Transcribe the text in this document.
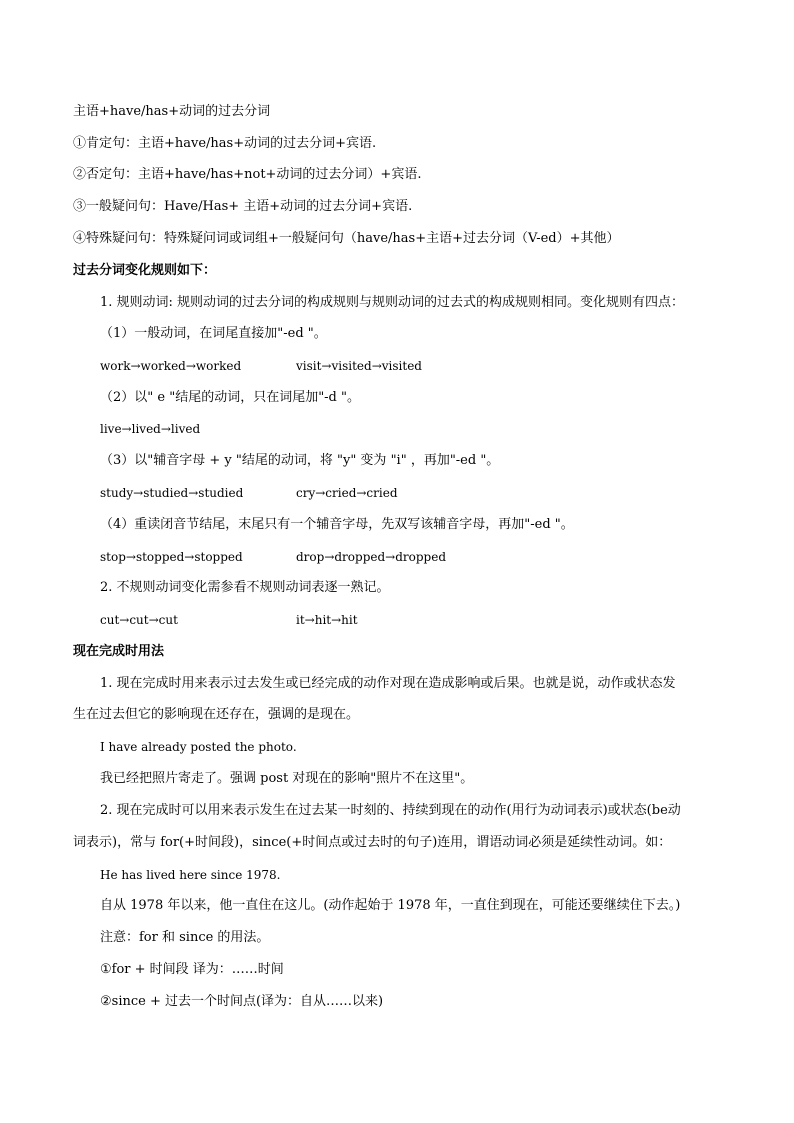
主语+have/has+动词的过去分词
①肯定句：主语+have/has+动词的过去分词+宾语.
②否定句：主语+have/has+not+动词的过去分词）+宾语.
③一般疑问句：Have/Has+ 主语+动词的过去分词+宾语.
④特殊疑问句：特殊疑问词或词组+一般疑问句（have/has+主语+过去分词（V-ed）+其他）
过去分词变化规则如下：
1. 规则动词: 规则动词的过去分词的构成规则与规则动词的过去式的构成规则相同。变化规则有四点：
（1）一般动词，在词尾直接加"-ed "。
work→worked→worked	visit→visited→visited
（2）以" e "结尾的动词，只在词尾加"-d "。
live→lived→lived
（3）以"辅音字母 + y "结尾的动词，将 "y" 变为 "i" ，再加"-ed "。
study→studied→studied	cry→cried→cried
（4）重读闭音节结尾，末尾只有一个辅音字母，先双写该辅音字母，再加"-ed "。
stop→stopped→stopped	drop→dropped→dropped
2. 不规则动词变化需参看不规则动词表逐一熟记。
cut→cut→cut	it→hit→hit
现在完成时用法
1. 现在完成时用来表示过去发生或已经完成的动作对现在造成影响或后果。也就是说，动作或状态发
生在过去但它的影响现在还存在，强调的是现在。
I have already posted the photo.
我已经把照片寄走了。强调 post 对现在的影响"照片不在这里"。
2. 现在完成时可以用来表示发生在过去某一时刻的、持续到现在的动作(用行为动词表示)或状态(be动
词表示)，常与 for(+时间段)，since(+时间点或过去时的句子)连用，谓语动词必须是延续性动词。如：
He has lived here since 1978.
自从 1978 年以来，他一直住在这儿。(动作起始于 1978 年，一直住到现在，可能还要继续住下去。)
注意：for 和 since 的用法。
①for + 时间段 译为：……时间
②since + 过去一个时间点(译为：自从……以来)
